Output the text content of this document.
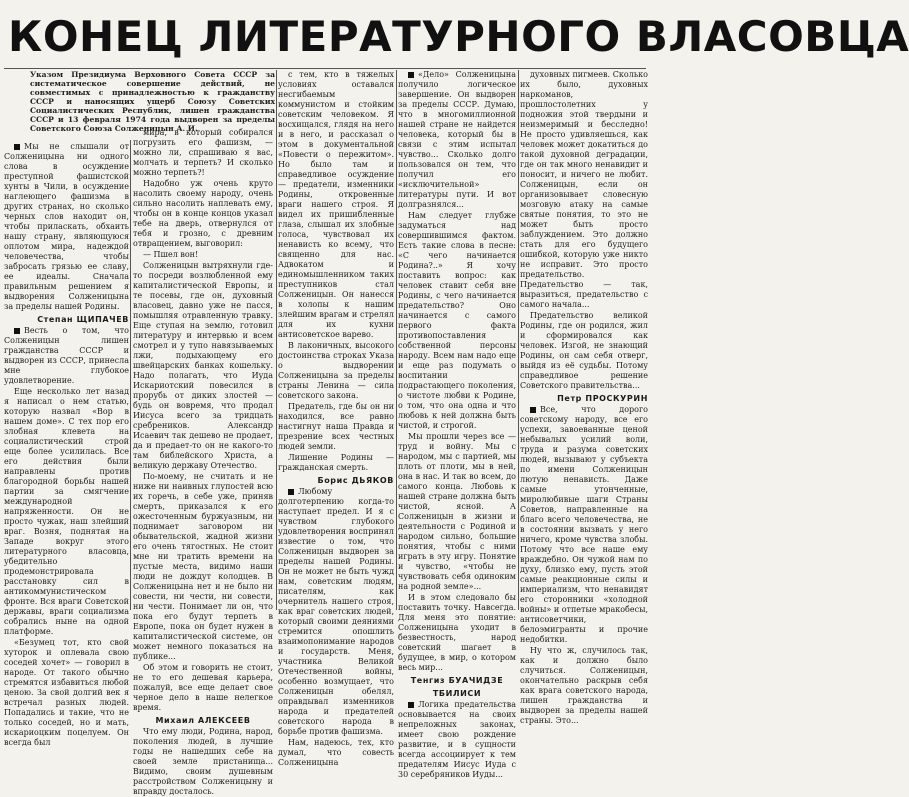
КОНЕЦ ЛИТЕРАТУРНОГО ВЛАСОВЦА
Указом Президиума Верховного Совета СССР за систематическое совершение действий, не совместимых с принадлежностью к гражданству СССР и наносящих ущерб Союзу Советских Социалистических Республик, лишен гражданства СССР и 13 февраля 1974 года выдворен за пределы Советского Союза Солженицын А. И.

Мы не слышали от Солженицына ни одного слова в осуждение преступной фашистской хунты в Чили, в осуждение наглеющего фашизма в других странах, но сколько черных слов находит он, чтобы приласкать, обхаить нашу страну, являющуюся оплотом мира, надеждой человечества, чтобы забросать грязью ее славу, ее идеалы. Сначала правильным решением я выдворения Солженицына за пределы нашей Родины.

Степан ЩИПАЧЕВ

Весть о том, что Солженицын лишен гражданства СССР и выдворен из СССР, принесла мне глубокое удовлетворение.

Еще несколько лет назад я написал о нем статью, которую назвал «Вор в нашем доме». С тех пор его злобная клевета на социалистический строй еще более усилилась. Все его действия были направлены против благородной борьбы нашей партии за смягчение международной напряженности. Он не просто чужак, наш злейший враг. Возня, поднятая на Западе вокруг этого литературного власовца, убедительно продемонстрировала расстановку сил в антикоммунистическом фронте. Вся враги Советской державы, враги социализма собрались ныне на одной платформе.

«Безумец тот, кто свой хуторок и оплевала свою соседей хочет» — говорил в народе. От такого обычно стремятся избавиться любой ценою. За свой долгий век я встречал разных людей. Попадались и такие, что не только соседей, но и мать, искариоцким поцелуем. Он всегда был

мира, в который собирался погрузить его фашизм, — можно ли, спрашиваю я вас, молчать и терпеть? И сколько можно терпеть?!

Надобно уж очень круто насолить своему народу, очень сильно насолить наплевать ему, чтобы он в конце концов указал тебе на дверь, отвернулся от тебя и грозно, с древним отвращением, выговорил:

— Пшел вон!

Солженицын вытряхнули где-то посреди возлюбленной ему капиталистической Европы, и те посевы, где он, духовный власовец, давно уже не пасся, помышляя отравленную травку. Еще ступая на землю, готовил литературу и интервью и всем смотрел и у тупо навязываемых лжи, подыхающему его швейцарских банках кошельку. Надо полагать, что Иуда Искариотский повесился в прорубь от диких злостей — будь он вовремя, что продал Иисуса всего за тридцать сребреников. Александр Исаевич так дешево не продает, да и предает-то он не какого-то там библейского Христа, а великую державу Отечество.

По-моему, не считать и не ниже ни наивных глупостей всю их горечь, в себе уже, приняв смерть, приказался к его ожесточенным буржуазным, ни поднимает заговором ни обывательской, жадной жизни его очень тягостных. Не стоит мне ни тратить времени на пустые места, видимо наши люди не дождут колодцев. В Солженицына нет и не было ни совести, ни чести, ни совести, ни чести. Понимает ли он, что пока его будут терпеть в Европе, пока он будет нужен в капиталистической системе, он может немного показаться на публике...

Об этом и говорить не стоит, не то его дешевая карьера, пожалуй, все еще делает свое черное дело в наше нелегкое время.

Михаил АЛЕКСЕЕВ

Что ему люди, Родина, народ, поколения людей, в лучшие годы не нашедших себе на своей земле пристанища... Видимо, своим душевным расстройством Солженицыну и вправду досталось.

с тем, кто в тяжелых условиях оставался несгибаемым коммунистом и стойким советским человеком. Я восхищался, глядя на него и в него, и рассказал о этом в документальной «Повести о пережитом». Но было там и справедливое осуждение — предатели, изменники Родины, откровенные враги нашего строя. Я видел их пришибленные глаза, слышал их злобные голоса, чувствовал их ненависть ко всему, что священно для нас. Адвокатом и единомышленником таких преступников стал Солженицын. Он нанесся в холопы к нашим злейшим врагам и стрелял для их кухни антисоветское варево.

В лаконичных, высокого достоинства строках Указа о выдворении Солженицына за пределы страны Ленина — сила советского закона.

Предатель, где бы он ни находился, все равно настигнут наша Правда и презрение всех честных людей земли.

Лишение Родины — гражданская смерть.

Борис ДЬЯКОВ

Любому долготерпению когда-то наступает предел. И я с чувством глубокого удовлетворения воспринял известие о том, что Солженицын выдворен за пределы нашей Родины. Он не может не быть чужд нам, советским людям, писателям, как очернитель нашего строя, как враг советских людей, который своими деяниями стремится опошлить взаимопонимание народов и государств. Меня, участника Великой Отечественной войны, особенно возмущает, что Солженицын обелял, оправдывал изменников народа и предателей советского народа в борьбе против фашизма.

Нам, надеюсь, тех, кто думал, что совесть Солженицына

«Дело» Солженицына получило логическое завершение. Он выдворен за пределы СССР. Думаю, что в многомиллионной нашей стране не найдется человека, который бы в связи с этим испытал чувство... Сколько долго пользовался он тем, что получил его «исключительной» литературы пути. И вот долгразнялся...

Нам следует глубже задуматься над совершившимся фактом. Есть такие слова в песне: «С чего начинается Родина?..» Я хочу поставить вопрос: как человек ставит себя вне Родины, с чего начинается предательство? Оно начинается с самого первого факта противопоставления собственной персоны народу. Всем нам надо еще и еще раз подумать о воспитании подрастающего поколения, о чистоте любви к Родине, о том, что она одна и что любовь к ней должна быть чистой, и строгой.

Мы прошли через все — труд и войну. Мы с народом, мы с партией, мы плоть от плоти, мы в ней, она в нас. И так во всем, до самого конца. Любовь к нашей стране должна быть чистой, ясной. А Солженицын в жизни и деятельности с Родиной и народом сильно, большие понятия, чтобы с ними играть в эту игру. Понятие и чувство, «чтобы не чувствовать себя одиноким на родной земле»...

И в этом следовало бы поставить точку. Навсегда. Для меня это понятие: Солженицына уходит в безвестность, народ советский шагает в будущее, в мир, о котором весь мир...

Тенгиз БУАЧИДЗЕ

ТБИЛИСИ

Логика предательства основывается на своих непреложных законах, имеет свою рождение развитие, и в сущности всегда ассоциирует к тем предателям Иисус Иуда с 30 серебряников Иуды...

духовных пигмеев. Сколько их было, духовных наркоманов, прошлостолетних у подножия этой твердыни и неизмеримый и бесследно! Не просто удивляешься, как человек может докатиться до такой духовной деградации, где он так много ненавидит и поносит, и ничего не любит. Солженицын, если он организовывает словесную мозговую атаку на самые святые понятия, то это не может быть просто заблуждением. Это должно стать для его будущего ошибкой, которую уже никто не исправит. Это просто предательство. Предательство — так, выразиться, предательство с самого начала...

Предательство великой Родины, где он родился, жил и сформировался как человек. Изгой, не знающий Родины, он сам себя отверг, выйдя из её судьбы. Потому справедливое решение Советского правительства...

Петр ПРОСКУРИН

Все, что дорого советскому народу, все его успехи, завоеванные ценой небывалых усилий воли, труда и разума советских людей, вызывают у субъекта по имени Солженицын лютую ненависть. Даже самые утонченные, миролюбивые шаги Страны Советов, направленные на благо всего человечества, не в состоянии вызвать у него ничего, кроме чувства злобы. Потому что все наше ему враждебно. Он чужой нам по духу, близко ему, пусть этой самые реакционные силы и империализм, что ненавидят его сторонники «холодной войны» и отпетые мракобесы, антисоветчики, белоэмигранты и прочие недобитки.

Ну что ж, случилось так, как и должно было случиться. Солженицын, окончательно раскрыв себя как врага советского народа, лишен гражданства и выдворен за пределы нашей страны. Это...
